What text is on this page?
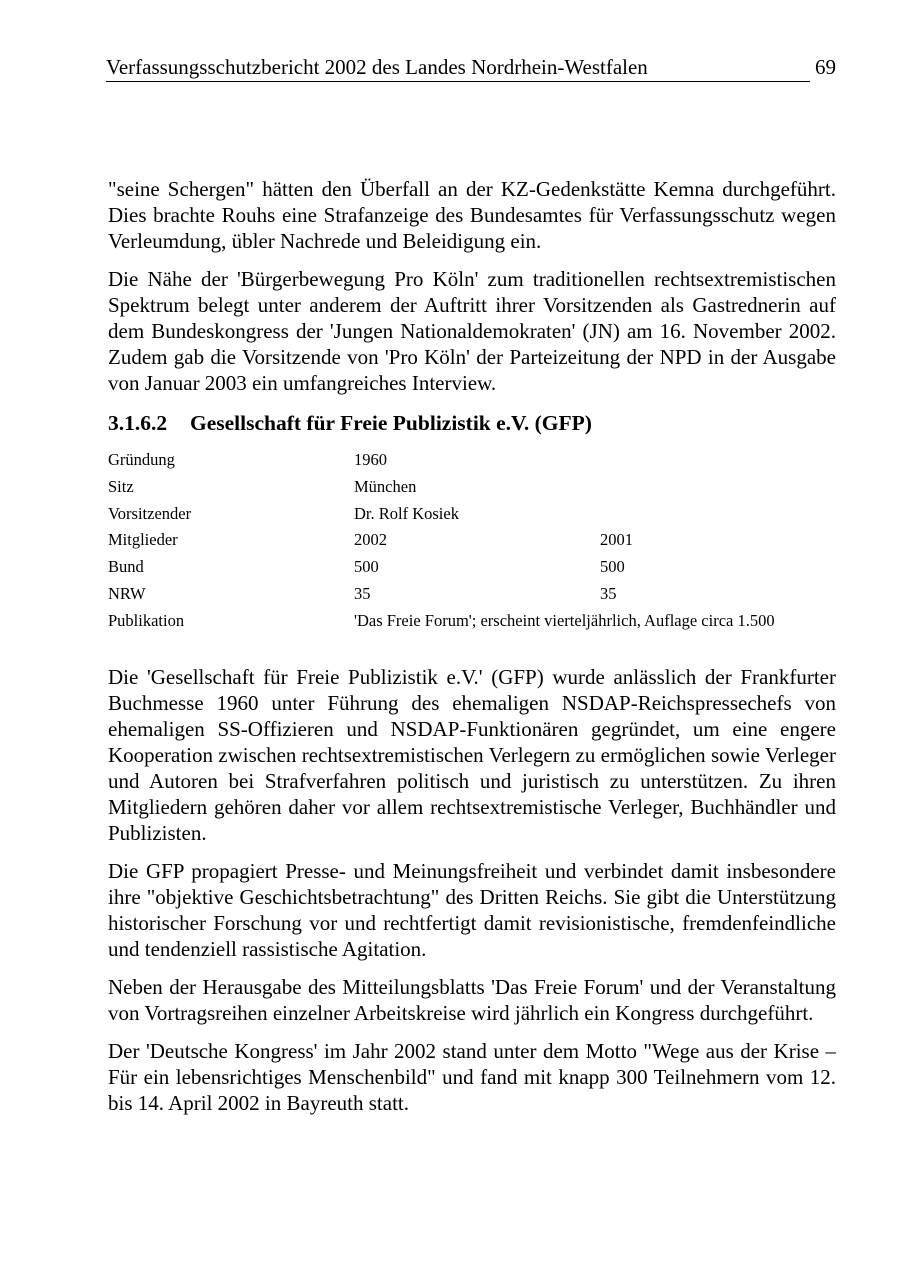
Verfassungsschutzbericht 2002 des Landes Nordrhein-Westfalen	69

"seine Schergen" hätten den Überfall an der KZ-Gedenkstätte Kemna durchgeführt. Dies brachte Rouhs eine Strafanzeige des Bundesamtes für Verfassungsschutz wegen Verleumdung, übler Nachrede und Beleidigung ein.

Die Nähe der 'Bürgerbewegung Pro Köln' zum traditionellen rechtsextremistischen Spektrum belegt unter anderem der Auftritt ihrer Vorsitzenden als Gastrednerin auf dem Bundeskongress der 'Jungen Nationaldemokraten' (JN) am 16. November 2002. Zudem gab die Vorsitzende von 'Pro Köln' der Parteizeitung der NPD in der Ausgabe von Januar 2003 ein umfangreiches Interview.

3.1.6.2 Gesellschaft für Freie Publizistik e.V. (GFP)
Gründung	1960
Sitz	München
Vorsitzender	Dr. Rolf Kosiek
Mitglieder	2002	2001
Bund	500	500
NRW	35	35
Publikation	'Das Freie Forum'; erscheint vierteljährlich, Auflage circa 1.500

Die 'Gesellschaft für Freie Publizistik e.V.' (GFP) wurde anlässlich der Frankfurter Buchmesse 1960 unter Führung des ehemaligen NSDAP-Reichspressechefs von ehemaligen SS-Offizieren und NSDAP-Funktionären gegründet, um eine engere Kooperation zwischen rechtsextremistischen Verlegern zu ermöglichen sowie Verleger und Autoren bei Strafverfahren politisch und juristisch zu unterstützen. Zu ihren Mitgliedern gehören daher vor allem rechtsextremistische Verleger, Buchhändler und Publizisten.

Die GFP propagiert Presse- und Meinungsfreiheit und verbindet damit insbesondere ihre "objektive Geschichtsbetrachtung" des Dritten Reichs. Sie gibt die Unterstützung historischer Forschung vor und rechtfertigt damit revisionistische, fremdenfeindliche und tendenziell rassistische Agitation.

Neben der Herausgabe des Mitteilungsblatts 'Das Freie Forum' und der Veranstaltung von Vortragsreihen einzelner Arbeitskreise wird jährlich ein Kongress durchgeführt.

Der 'Deutsche Kongress' im Jahr 2002 stand unter dem Motto "Wege aus der Krise – Für ein lebensrichtiges Menschenbild" und fand mit knapp 300 Teilnehmern vom 12. bis 14. April 2002 in Bayreuth statt.
